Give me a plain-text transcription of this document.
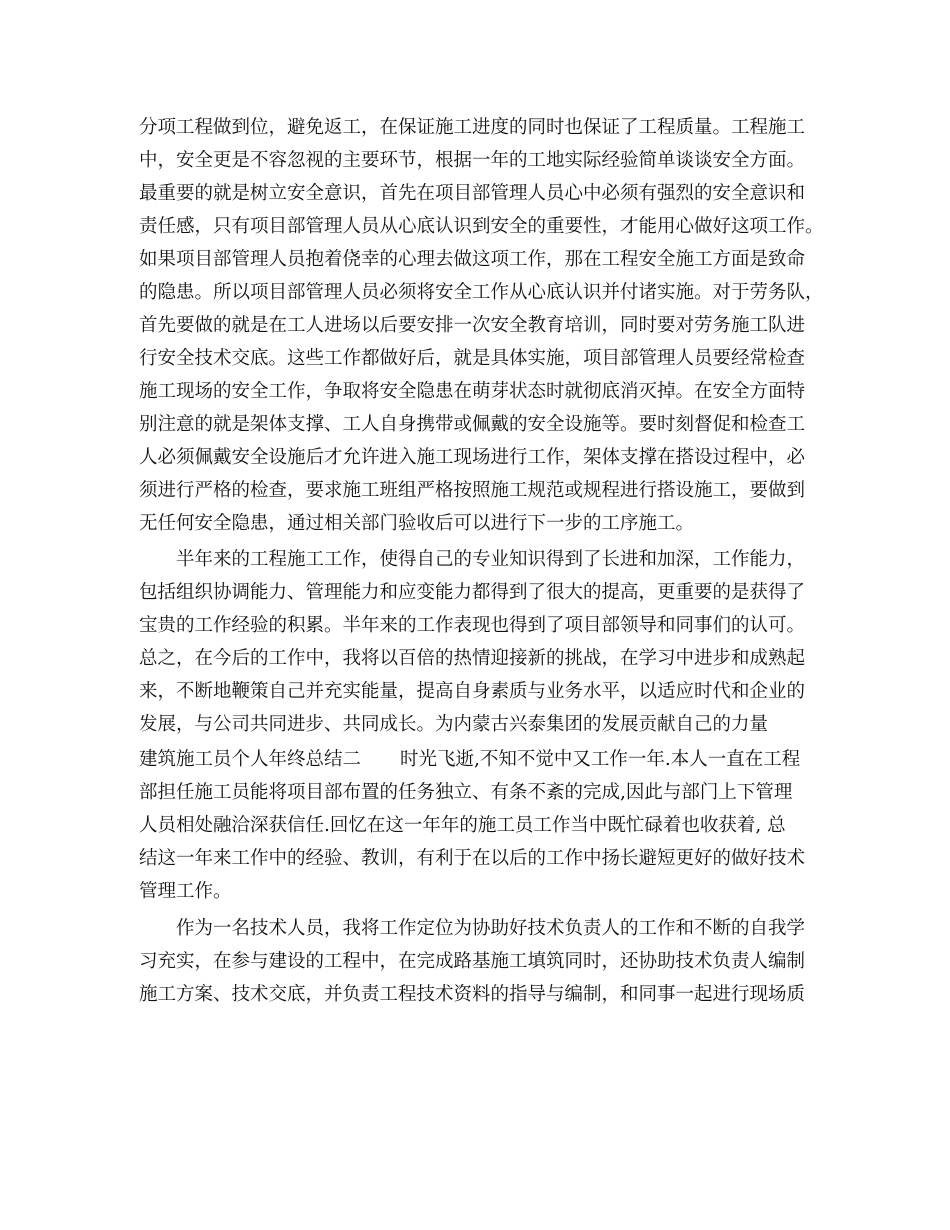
分项工程做到位，避免返工，在保证施工进度的同时也保证了工程质量。工程施工

中，安全更是不容忽视的主要环节，根据一年的工地实际经验简单谈谈安全方面。

最重要的就是树立安全意识，首先在项目部管理人员心中必须有强烈的安全意识和

责任感，只有项目部管理人员从心底认识到安全的重要性，才能用心做好这项工作。

如果项目部管理人员抱着侥幸的心理去做这项工作，那在工程安全施工方面是致命

的隐患。所以项目部管理人员必须将安全工作从心底认识并付诸实施。对于劳务队，

首先要做的就是在工人进场以后要安排一次安全教育培训，同时要对劳务施工队进

行安全技术交底。这些工作都做好后，就是具体实施，项目部管理人员要经常检查

施工现场的安全工作，争取将安全隐患在萌芽状态时就彻底消灭掉。在安全方面特

别注意的就是架体支撑、工人自身携带或佩戴的安全设施等。要时刻督促和检查工

人必须佩戴安全设施后才允许进入施工现场进行工作，架体支撑在搭设过程中，必

须进行严格的检查，要求施工班组严格按照施工规范或规程进行搭设施工，要做到

无任何安全隐患，通过相关部门验收后可以进行下一步的工序施工。

半年来的工程施工工作，使得自己的专业知识得到了长进和加深，工作能力，

包括组织协调能力、管理能力和应变能力都得到了很大的提高，更重要的是获得了

宝贵的工作经验的积累。半年来的工作表现也得到了项目部领导和同事们的认可。

总之，在今后的工作中，我将以百倍的热情迎接新的挑战，在学习中进步和成熟起

来，不断地鞭策自己并充实能量，提高自身素质与业务水平，以适应时代和企业的

发展，与公司共同进步、共同成长。为内蒙古兴泰集团的发展贡献自己的力量

建筑施工员个人年终总结二 时光飞逝,不知不觉中又工作一年.本人一直在工程

部担任施工员能将项目部布置的任务独立、有条不紊的完成,因此与部门上下管理

人员相处融洽深获信任.回忆在这一年年的施工员工作当中既忙碌着也收获着, 总

结这一年来工作中的经验、教训，有利于在以后的工作中扬长避短更好的做好技术

管理工作。

作为一名技术人员，我将工作定位为协助好技术负责人的工作和不断的自我学

习充实，在参与建设的工程中，在完成路基施工填筑同时，还协助技术负责人编制

施工方案、技术交底，并负责工程技术资料的指导与编制，和同事一起进行现场质
